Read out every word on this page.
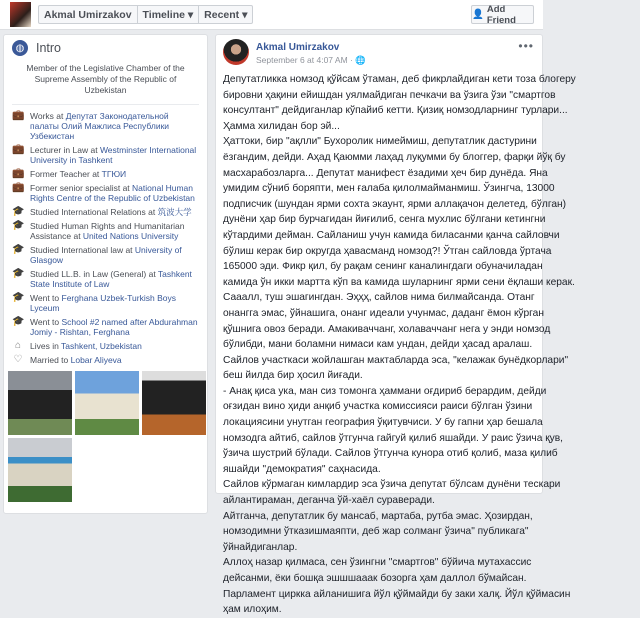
Akmal Umirzakov	Timeline ▾	Recent ▾	👤 Add Friend
◍ Intro
Member of the Legislative Chamber of the Supreme Assembly of the Republic of Uzbekistan
💼 Works at Депутат Законодательной палаты Олий Мажлиса Республики Узбекистан
💼 Lecturer in Law at Westminster International University in Tashkent
💼 Former Teacher at ТГЮИ
💼 Former senior specialist at National Human Rights Centre of the Republic of Uzbekistan
🎓 Studied International Relations at 筑波大学
🎓 Studied Human Rights and Humanitarian Assistance at United Nations University
🎓 Studied International law at University of Glasgow
🎓 Studied LL.B. in Law (General) at Tashkent State Institute of Law
🎓 Went to Ferghana Uzbek-Turkish Boys Lyceum
🎓 Went to School #2 named after Abdurahman Jomiy - Rishtan, Ferghana
⌂	Lives in Tashkent, Uzbekistan
♡ Married to Lobar Aliyeva
Akmal Umirzakov
September 6 at 4:07 AM · 🌐
•••
Депутатликка номзод қўйсам ўтаман, деб фикрлайдиган кети тоза блогеру
бировни ҳақини ейишдан уялмайдиган печкачи ва ўзига ўзи "смартгов
консултант" дейдиганлар кўпайиб кетти. Қизиқ номзодларнинг турлари...
Ҳамма хилидан бор эй...
Ҳаттоки, бир "ақлли" Бухоролик нимеймиш, депутатлик дастурини
ёзгандим, дейди. Аҳад Қаюмми лаҳад луқумми бу блоггер, фарқи йўқ бу
масхарабозларга... Депутат манифест ёзадими ҳеч бир дунёда. Яна
умидим сўниб боряпти, мен ғалаба қилолмайманмиш. Ўзингча, 13000
подписчик (шундан ярми сохта экаунт, ярми аллақачон делетед, бўлган)
дунёни ҳар бир бурчагидан йиғилиб, сенга мухлис бўлгани кетингни
кўтардими дейман. Сайланиш учун камида биласанми қанча сайловчи
бўлиш керак бир округда ҳавасманд номзод?! Ўтган сайловда ўртача
165000 эди. Фикр қил, бу рақам сенинг каналингдаги обуначиладан
камида ўн икки мартта кўп ва камида шуларнинг ярми сени ёқлаши керак.
Сааалл, туш эшагингдан. Эҳҳҳ, сайлов нима билмайсанда. Отанг
онангга эмас, ўйнашига, онанг идеали учунмас, даданг ёмон кўрган
қўшнига овоз беради. Амакиваччанг, холаваччанг нега у энди номзод
бўлибди, мани боламни нимаси кам ундан, дейди ҳасад аралаш.
Сайлов участкаси жойлашган мактабларда эса, "келажак бунёдкорлари"
беш йилда бир ҳосил йиғади.
- Анақ қиса ука, ман сиз томонга ҳаммани оғдириб берардим, дейди
оғзидан вино ҳиди анқиб участка комиссияси раиси бўлган ўзини
локациясини унутган география ўқитувчиси. У бу гапни ҳар бешала
номзодга айтиб, сайлов ўтгунча гайгуй қилиб яшайди. У раис ўзича қув,
ўзича шустрий бўлади. Сайлов ўтгунча кунора отиб қолиб, маза қилиб
яшайди "демократия" саҳнасида.
Сайлов кўрмаган кимлардир эса ўзича депутат бўлсам дунёни тескари
айлантираман, деганча ўй-хаёл сураверади.
Айтганча, депутатлик бу мансаб, мартаба, рутба эмас. Ҳозирдан,
номзодимни ўтказишмаяпти, деб жар солманг ўзича" публикага"
ўйнайдиганлар.
Аллоҳ назар қилмаса, сен ўзингни "смартгов" бўйича мутахассис
дейсанми, ёки бошқа эшшшааак бозорга ҳам даллол бўмайсан.
Парламент циркка айланишига йўл қўймайди бу заки халқ. Йўл қўймасин
ҳам илоҳим.
